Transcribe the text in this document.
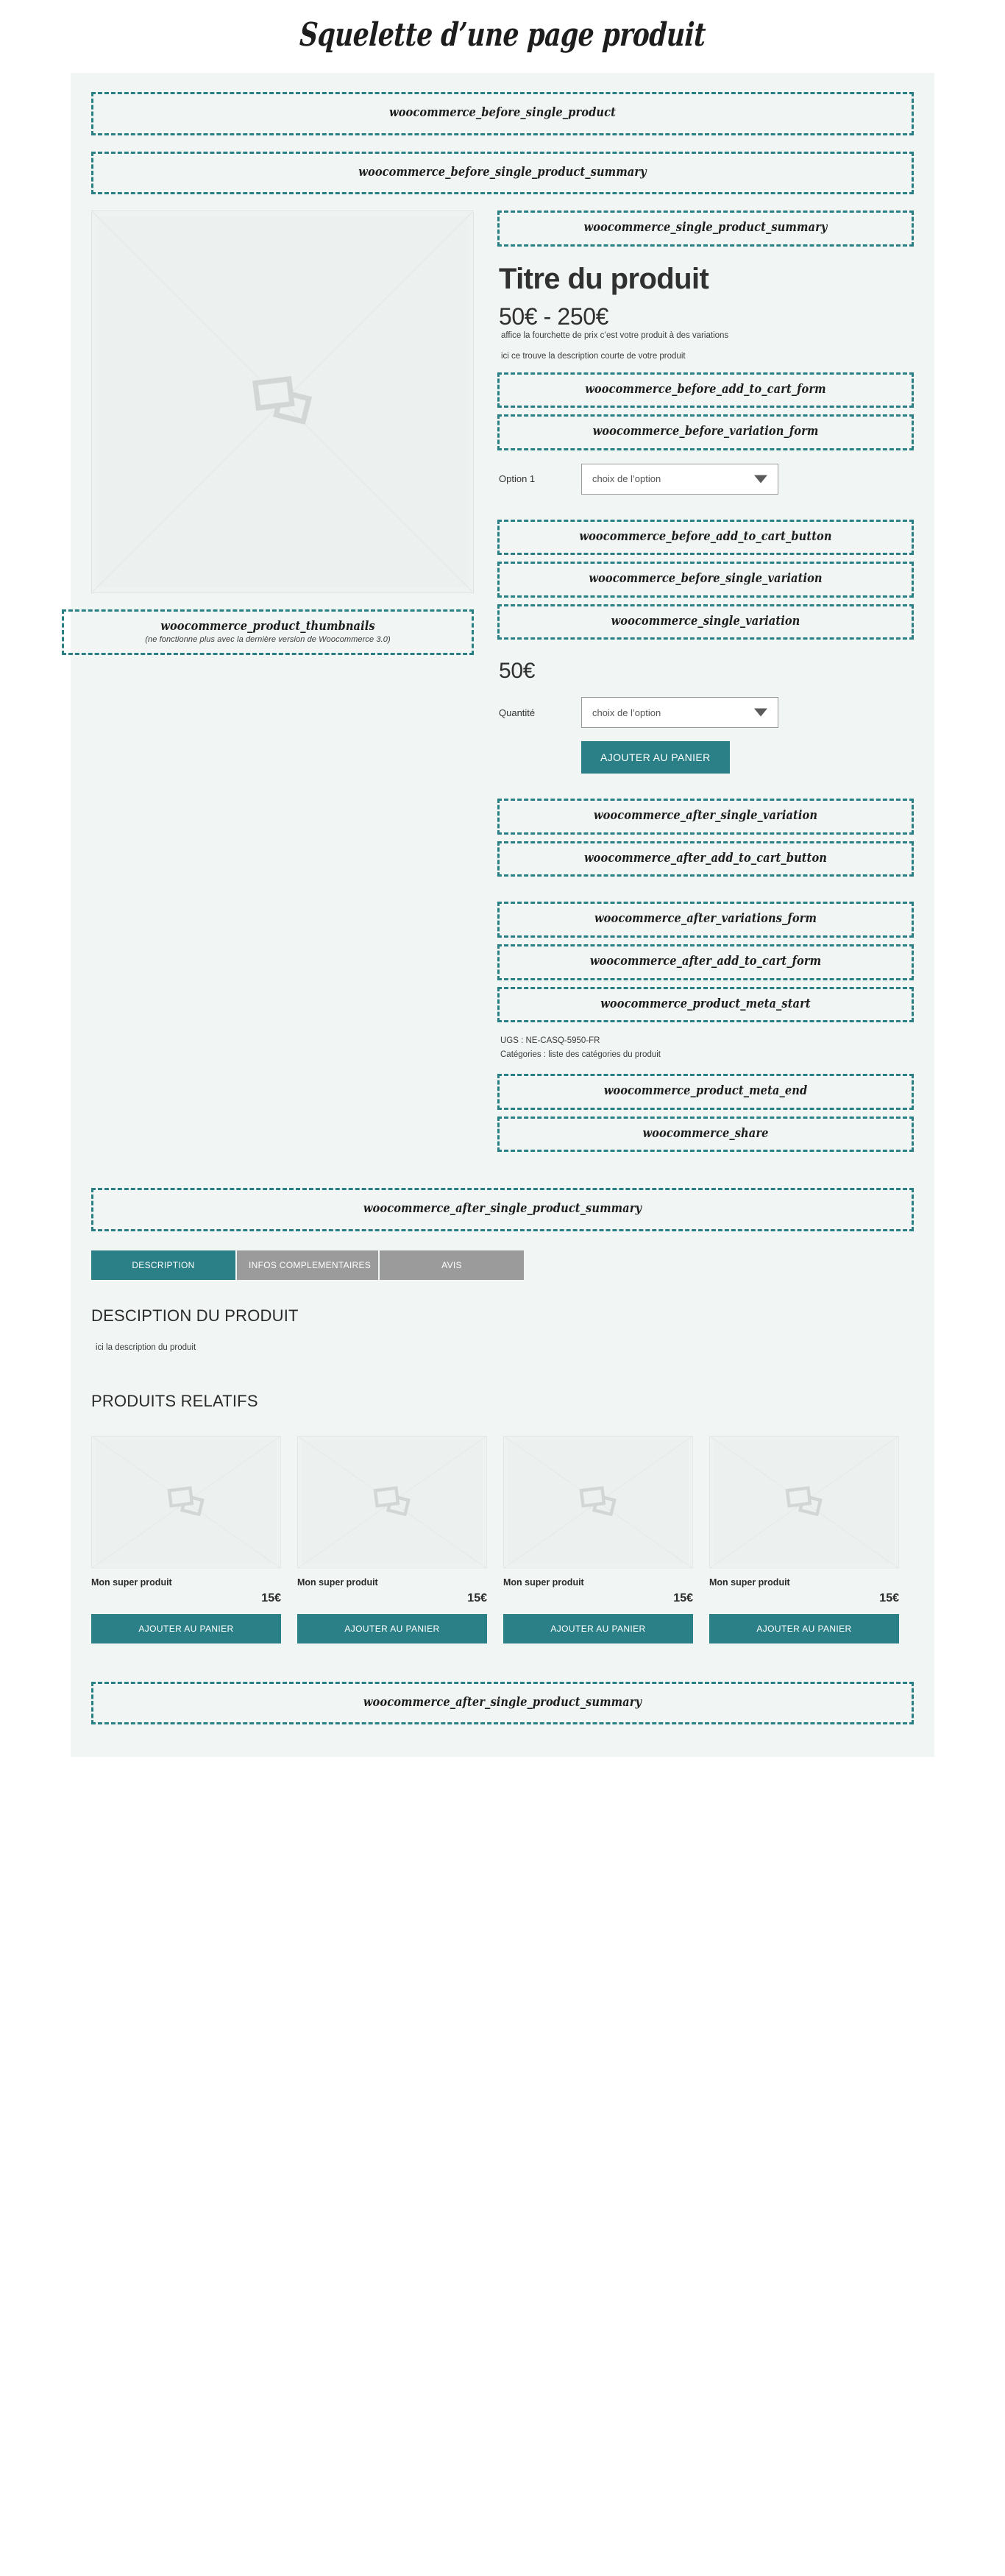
Squelette d’une page produit
woocommerce_before_single_product
woocommerce_before_single_product_summary
woocommerce_product_thumbnails
(ne fonctionne plus avec la dernière version de Woocommerce 3.0)
woocommerce_single_product_summary
Titre du produit
50€ - 250€
affice la fourchette de prix c’est votre produit à des variations
ici ce trouve la description courte de votre produit
woocommerce_before_add_to_cart_form
woocommerce_before_variation_form
Option 1	choix de l’option
woocommerce_before_add_to_cart_button
woocommerce_before_single_variation
woocommerce_single_variation
50€
Quantité	choix de l’option
AJOUTER AU PANIER
woocommerce_after_single_variation
woocommerce_after_add_to_cart_button
woocommerce_after_variations_form
woocommerce_after_add_to_cart_form
woocommerce_product_meta_start
UGS : NE-CASQ-5950-FR
Catégories : liste des catégories du produit
woocommerce_product_meta_end
woocommerce_share
woocommerce_after_single_product_summary
DESCRIPTION	INFOS COMPLEMENTAIRES	AVIS
DESCIPTION DU PRODUIT

ici la description du produit

PRODUITS RELATIFS
Mon super produit
15€
AJOUTER AU PANIER
Mon super produit
15€
AJOUTER AU PANIER
Mon super produit
15€
AJOUTER AU PANIER
Mon super produit
15€
AJOUTER AU PANIER
woocommerce_after_single_product_summary
